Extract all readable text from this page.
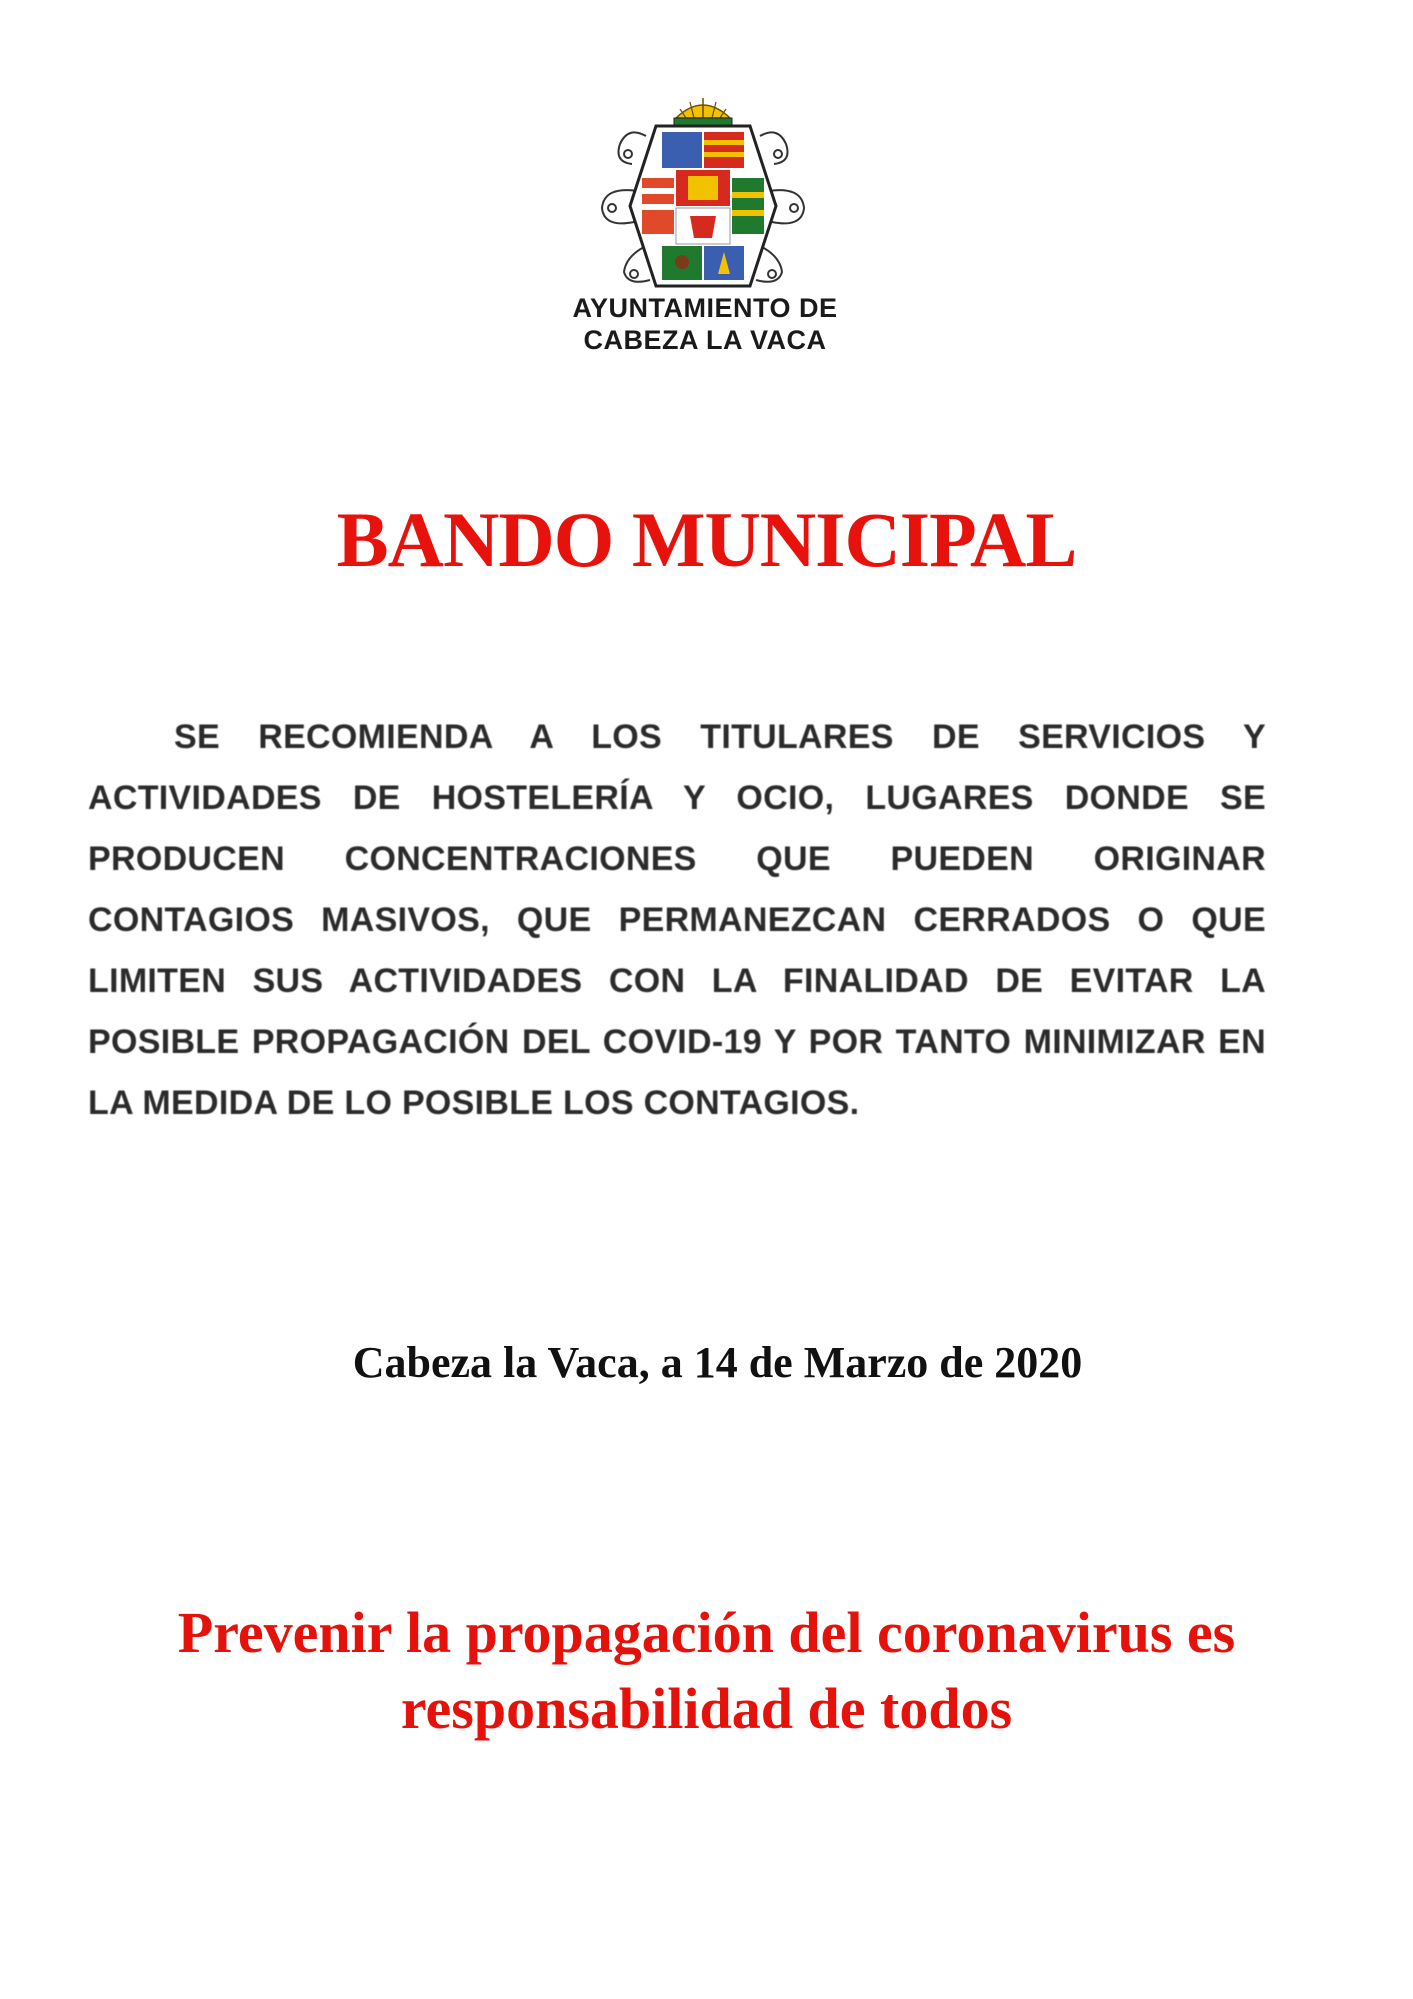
AYUNTAMIENTO DE
CABEZA LA VACA
BANDO MUNICIPAL
SE RECOMIENDA A LOS TITULARES DE SERVICIOS Y ACTIVIDADES DE HOSTELERÍA Y OCIO, LUGARES DONDE SE PRODUCEN CONCENTRACIONES QUE PUEDEN ORIGINAR CONTAGIOS MASIVOS, QUE PERMANEZCAN CERRADOS O QUE LIMITEN SUS ACTIVIDADES CON LA FINALIDAD DE EVITAR LA POSIBLE PROPAGACIÓN DEL COVID-19 Y POR TANTO MINIMIZAR EN LA MEDIDA DE LO POSIBLE LOS CONTAGIOS.
Cabeza la Vaca, a 14 de Marzo de 2020
Prevenir la propagación del coronavirus es
responsabilidad de todos
